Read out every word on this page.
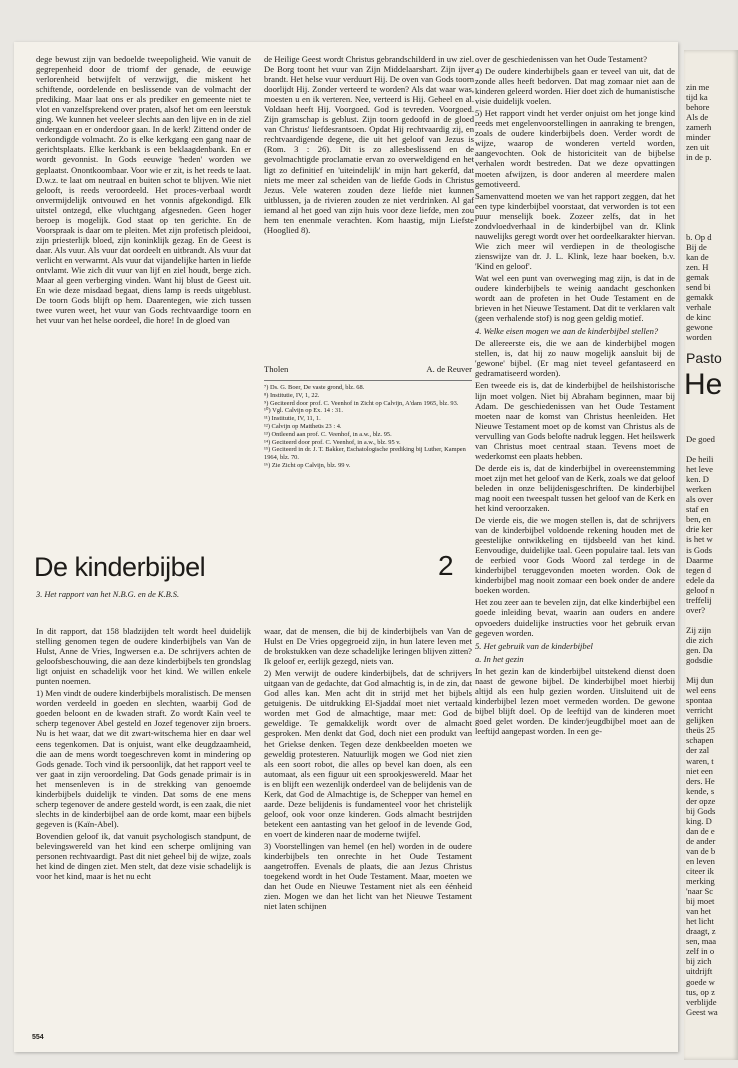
dege bewust zijn van bedoelde tweepoligheid. Wie vanuit de gegrepenheid door de triomf der genade, de eeuwige verlorenheid betwijfelt of verzwijgt, die miskent het schiftende, oordelende en beslissende van de volmacht der prediking. Maar laat ons er als prediker en gemeente niet te vlot en vanzelfsprekend over praten, alsof het om een leerstuk ging. We kunnen het veeleer slechts aan den lijve en in de ziel ondergaan en er onderdoor gaan. In de kerk! Zittend onder de verkondigde volmacht. Zo is elke kerkgang een gang naar de gerichtsplaats. Elke kerkbank is een beklaagdenbank. En er wordt gevonnist. In Gods eeuwige 'heden' worden we geplaatst. Onontkoombaar. Voor wie er zit, is het reeds te laat. D.w.z. te laat om neutraal en buiten schot te blijven. Wie niet gelooft, is reeds veroordeeld. Het proces-verbaal wordt onvermijdelijk ontvouwd en het vonnis afgekondigd. Elk uitstel ontzegd, elke vluchtgang afgesneden. Geen hoger beroep is mogelijk. God staat op ten gerichte. En de Voorspraak is daar om te pleiten. Met zijn profetisch pleidooi, zijn priesterlijk bloed, zijn koninklijk gezag. En de Geest is daar. Als vuur. Als vuur dat oordeelt en uitbrandt. Als vuur dat verlicht en verwarmt. Als vuur dat vijandelijke harten in liefde ontvlamt. Wie zich dit vuur van lijf en ziel houdt, berge zich. Maar al geen verberging vinden. Want hij blust de Geest uit. En wie deze misdaad begaat, diens lamp is reeds uitgeblust. De toorn Gods blijft op hem. Daarentegen, wie zich tussen twee vuren weet, het vuur van Gods rechtvaardige toorn en het vuur van het helse oordeel, die hore! In de gloed van

de Heilige Geest wordt Christus gebrandschilderd in uw ziel. De Borg toont het vuur van Zijn Middelaarshart. Zijn ijver brandt. Het helse vuur verduurt Hij. De oven van Gods toorn doorlijdt Hij. Zonder verteerd te worden? Als dat waar was, moesten u en ik verteren. Nee, verteerd is Hij. Geheel en al. Voldaan heeft Hij. Voorgoed. God is tevreden. Voorgoed. Zijn gramschap is geblust. Zijn toorn gedoofd in de gloed van Christus' liefdesrantsoen. Opdat Hij rechtvaardig zij, en rechtvaardigende degene, die uit het geloof van Jezus is (Rom. 3 : 26). Dit is zo allesbeslissend en de gevolmachtigde proclamatie ervan zo overweldigend en het ligt zo definitief en 'uiteindelijk' in mijn hart gekerfd, dat niets me meer zal scheiden van de liefde Gods in Christus Jezus. Vele wateren zouden deze liefde niet kunnen uitblussen, ja de rivieren zouden ze niet verdrinken. Al gaf iemand al het goed van zijn huis voor deze liefde, men zou hem ten enenmale verachten. Kom haastig, mijn Liefste (Hooglied 8).

Tholen	A. de Reuver
⁷) Ds. G. Boer, De vaste grond, blz. 68.
⁸) Institutie, IV, 1, 22.
⁹) Geciteerd door prof. C. Veenhof in Zicht op Calvijn, A'dam 1965, blz. 93.
¹⁰) Vgl. Calvijn op Ex. 14 : 31.
¹¹) Institutie, IV, 11, 1.
¹²) Calvijn op Mattheüs 23 : 4.
¹³) Ontleend aan prof. C. Veenhof, in a.w., blz. 95.
¹⁴) Geciteerd door prof. C. Veenhof, in a.w., blz. 95 v.
¹⁵) Geciteerd in dr. J. T. Bakker, Eschatologische prediking bij Luther, Kampen 1964, blz. 70.
¹⁶) Zie Zicht op Calvijn, blz. 99 v.

over de geschiedenissen van het Oude Testament?

4) De oudere kinderbijbels gaan er teveel van uit, dat de zonde alles heeft bedorven. Dat mag zomaar niet aan de kinderen geleerd worden. Hier doet zich de humanistische visie duidelijk voelen.

5) Het rapport vindt het verder onjuist om het jonge kind reeds met engelenvoorstellingen in aanraking te brengen, zoals de oudere kinderbijbels doen. Verder wordt de wijze, waarop de wonderen verteld worden, aangevochten. Ook de historiciteit van de bijbelse verhalen wordt bestreden. Dat we deze opvattingen moeten afwijzen, is door anderen al meerdere malen gemotiveerd.

Samenvattend moeten we van het rapport zeggen, dat het een type kinderbijbel voorstaat, dat verworden is tot een puur menselijk boek. Zozeer zelfs, dat in het zondvloedverhaal in de kinderbijbel van dr. Klink nauwelijks geregt wordt over het oordeelkarakter hiervan. Wie zich meer wil verdiepen in de theologische zienswijze van dr. J. L. Klink, leze haar boeken, b.v. 'Kind en geloof'.

Wat wel een punt van overweging mag zijn, is dat in de oudere kinderbijbels te weinig aandacht geschonken wordt aan de profeten in het Oude Testament en de brieven in het Nieuwe Testament. Dat dit te verklaren valt (geen verhalende stof) is nog geen geldig motief.

4. Welke eisen mogen we aan de kinderbijbel stellen?

De allereerste eis, die we aan de kinderbijbel mogen stellen, is, dat hij zo nauw mogelijk aansluit bij de 'gewone' bijbel. (Er mag niet teveel gefantaseerd en gedramatiseerd worden).

Een tweede eis is, dat de kinderbijbel de heilshistorische lijn moet volgen. Niet bij Abraham beginnen, maar bij Adam. De geschiedenissen van het Oude Testament moeten naar de komst van Christus heenleiden. Het Nieuwe Testament moet op de komst van Christus als de vervulling van Gods belofte nadruk leggen. Het heilswerk van Christus moet centraal staan. Tevens moet de wederkomst een plaats hebben.

De derde eis is, dat de kinderbijbel in overeenstemming moet zijn met het geloof van de Kerk, zoals we dat geloof beleden in onze belijdenisgeschriften. De kinderbijbel mag nooit een tweespalt tussen het geloof van de Kerk en het kind veroorzaken.

De vierde eis, die we mogen stellen is, dat de schrijvers van de kinderbijbel voldoende rekening houden met de geestelijke ontwikkeling en tijdsbeeld van het kind. Eenvoudige, duidelijke taal. Geen populaire taal. Iets van de eerbied voor Gods Woord zal terdege in de kinderbijbel teruggevonden moeten worden. Ook de kinderbijbel mag nooit zomaar een boek onder de andere boeken worden.

Het zou zeer aan te bevelen zijn, dat elke kinderbijbel een goede inleiding bevat, waarin aan ouders en andere opvoeders duidelijke instructies voor het gebruik ervan gegeven worden.

5. Het gebruik van de kinderbijbel
a. In het gezin

In het gezin kan de kinderbijbel uitstekend dienst doen naast de gewone bijbel. De kinderbijbel moet hierbij altijd als een hulp gezien worden. Uitsluitend uit de kinderbijbel lezen moet vermeden worden. De gewone bijbel blijft doel. Op de leeftijd van de kinderen moet goed gelet worden. De kinder/jeugdbijbel moet aan de leeftijd aangepast worden. In een ge-

De kinderbijbel	2
3. Het rapport van het N.B.G. en de K.B.S.

In dit rapport, dat 158 bladzijden telt wordt heel duidelijk stelling genomen tegen de oudere kinderbijbels van Van de Hulst, Anne de Vries, Ingwersen e.a. De schrijvers achten de geloofsbeschouwing, die aan deze kinderbijbels ten grondslag ligt onjuist en schadelijk voor het kind. We willen enkele punten noemen.

1) Men vindt de oudere kinderbijbels moralistisch. De mensen worden verdeeld in goeden en slechten, waarbij God de goeden beloont en de kwaden straft. Zo wordt Kaïn veel te scherp tegenover Abel gesteld en Jozef tegenover zijn broers. Nu is het waar, dat we dit zwart-witschema hier en daar wel eens tegenkomen. Dat is onjuist, want elke deugdzaamheid, die aan de mens wordt toegeschreven komt in mindering op Gods genade. Toch vind ik persoonlijk, dat het rapport veel te ver gaat in zijn veroordeling. Dat Gods genade primair is in het mensenleven is in de strekking van genoemde kinderbijbels duidelijk te vinden. Dat soms de ene mens scherp tegenover de andere gesteld wordt, is een zaak, die niet slechts in de kinderbijbel aan de orde komt, maar een bijbels gegeven is (Kaïn-Abel).

Bovendien geloof ik, dat vanuit psychologisch standpunt, de belevingswereld van het kind een scherpe omlijning van personen rechtvaardigt. Past dit niet geheel bij de wijze, zoals het kind de dingen ziet. Men stelt, dat deze visie schadelijk is voor het kind, maar is het nu echt

waar, dat de mensen, die bij de kinderbijbels van Van de Hulst en De Vries opgegroeid zijn, in hun latere leven met de brokstukken van deze schadelijke leringen blijven zitten? Ik geloof er, eerlijk gezegd, niets van.

2) Men verwijt de oudere kinderbijbels, dat de schrijvers uitgaan van de gedachte, dat God almachtig is, in de zin, dat God alles kan. Men acht dit in strijd met het bijbels getuigenis. De uitdrukking El-Sjaddaï moet niet vertaald worden met God de almachtige, maar met: God de geweldige. Te gemakkelijk wordt over de almacht gesproken. Men denkt dat God, doch niet een produkt van het Griekse denken. Tegen deze denkbeelden moeten we geweldig protesteren. Natuurlijk mogen we God niet zien als een soort robot, die alles op bevel kan doen, als een automaat, als een figuur uit een sprookjeswereld. Maar het is en blijft een wezenlijk onderdeel van de belijdenis van de Kerk, dat God de Almachtige is, de Schepper van hemel en aarde. Deze belijdenis is fundamenteel voor het christelijk geloof, ook voor onze kinderen. Gods almacht bestrijden betekent een aantasting van het geloof in de levende God, en voert de kinderen naar de moderne twijfel.

3) Voorstellingen van hemel (en hel) worden in de oudere kinderbijbels ten onrechte in het Oude Testament aangetroffen. Evenals de plaats, die aan Jezus Christus toegekend wordt in het Oude Testament. Maar, moeten we dan het Oude en Nieuwe Testament niet als een éénheid zien. Mogen we dan het licht van het Nieuwe Testament niet laten schijnen

554
zin me
tijd ka
behore
Als de
zamerh
minder
zen uit
in de p.
b. Op d
Bij de
kan de
zen. H
gemak
send bi
gemakk
verhale
de kinc
gewone
worden
Pasto
He
De goed

De heili
het leve
ken. D
werken
als over
staf en
ben, en
drie ker
is het w
is Gods
Daarme
tegen d
edele da
geloof n
treffelij
over?

Zij zijn
die zich
gen. Da
godsdie

Mij dun
wel eens
spontaa
verricht
gelijken
theüs 25
schapen
der zal
waren, t
niet een
ders. He
kende, s
der opze
bij Gods
king. D
dan de e
de ander
van de b
en leven
citeer ik
merking
'naar Sc
bij moet
van het
het licht
draagt, z
sen, maa
zelf in o
bij zich
uitdrijft
goede w
tus, op z
verblijde
Geest wa
